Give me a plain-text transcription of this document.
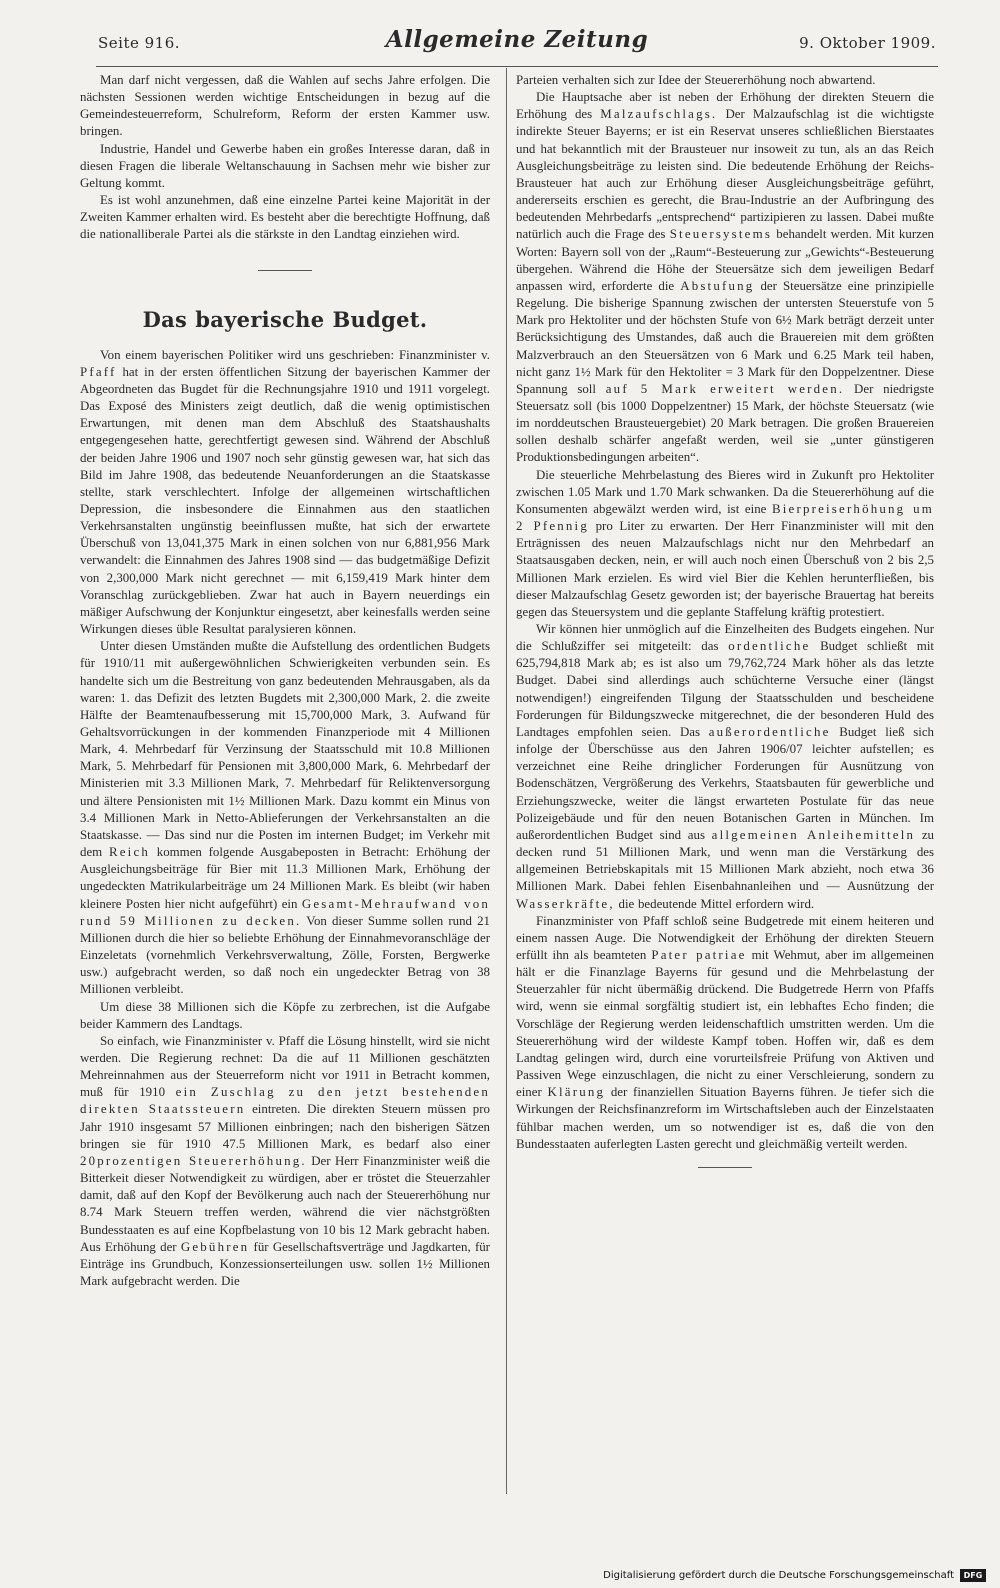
Seite 916.	Allgemeine Zeitung	9. Oktober 1909.

Man darf nicht vergessen, daß die Wahlen auf sechs Jahre erfolgen. Die nächsten Sessionen werden wichtige Entscheidungen in bezug auf die Gemeindesteuerreform, Schulreform, Reform der ersten Kammer usw. bringen.

Industrie, Handel und Gewerbe haben ein großes Interesse daran, daß in diesen Fragen die liberale Weltanschauung in Sachsen mehr wie bisher zur Geltung kommt.

Es ist wohl anzunehmen, daß eine einzelne Partei keine Majorität in der Zweiten Kammer erhalten wird. Es besteht aber die berechtigte Hoffnung, daß die nationalliberale Partei als die stärkste in den Landtag einziehen wird.

Das bayerische Budget.

Von einem bayerischen Politiker wird uns geschrieben: Finanzminister v. Pfaff hat in der ersten öffentlichen Sitzung der bayerischen Kammer der Abgeordneten das Bugdet für die Rechnungsjahre 1910 und 1911 vorgelegt. Das Exposé des Ministers zeigt deutlich, daß die wenig optimistischen Erwartungen, mit denen man dem Abschluß des Staatshaushalts entgegengesehen hatte, gerechtfertigt gewesen sind. Während der Abschluß der beiden Jahre 1906 und 1907 noch sehr günstig gewesen war, hat sich das Bild im Jahre 1908, das bedeutende Neuanforderungen an die Staatskasse stellte, stark verschlechtert. Infolge der allgemeinen wirtschaftlichen Depression, die insbesondere die Einnahmen aus den staatlichen Verkehrsanstalten ungünstig beeinflussen mußte, hat sich der erwartete Überschuß von 13,041,375 Mark in einen solchen von nur 6,881,956 Mark verwandelt: die Einnahmen des Jahres 1908 sind — das budgetmäßige Defizit von 2,300,000 Mark nicht gerechnet — mit 6,159,419 Mark hinter dem Voranschlag zurückgeblieben. Zwar hat auch in Bayern neuerdings ein mäßiger Aufschwung der Konjunktur eingesetzt, aber keinesfalls werden seine Wirkungen dieses üble Resultat paralysieren können.

Unter diesen Umständen mußte die Aufstellung des ordentlichen Budgets für 1910/11 mit außergewöhnlichen Schwierigkeiten verbunden sein. Es handelte sich um die Bestreitung von ganz bedeutenden Mehrausgaben, als da waren: 1. das Defizit des letzten Bugdets mit 2,300,000 Mark, 2. die zweite Hälfte der Beamtenaufbesserung mit 15,700,000 Mark, 3. Aufwand für Gehaltsvorrückungen in der kommenden Finanzperiode mit 4 Millionen Mark, 4. Mehrbedarf für Verzinsung der Staatsschuld mit 10.8 Millionen Mark, 5. Mehrbedarf für Pensionen mit 3,800,000 Mark, 6. Mehrbedarf der Ministerien mit 3.3 Millionen Mark, 7. Mehrbedarf für Reliktenversorgung und ältere Pensionisten mit 1½ Millionen Mark. Dazu kommt ein Minus von 3.4 Millionen Mark in Netto-Ablieferungen der Verkehrsanstalten an die Staatskasse. — Das sind nur die Posten im internen Budget; im Verkehr mit dem Reich kommen folgende Ausgabeposten in Betracht: Erhöhung der Ausgleichungsbeiträge für Bier mit 11.3 Millionen Mark, Erhöhung der ungedeckten Matrikularbeiträge um 24 Millionen Mark. Es bleibt (wir haben kleinere Posten hier nicht aufgeführt) ein Gesamt-Mehraufwand von rund 59 Millionen zu decken. Von dieser Summe sollen rund 21 Millionen durch die hier so beliebte Erhöhung der Einnahmevoranschläge der Einzeletats (vornehmlich Verkehrsverwaltung, Zölle, Forsten, Bergwerke usw.) aufgebracht werden, so daß noch ein ungedeckter Betrag von 38 Millionen verbleibt.

Um diese 38 Millionen sich die Köpfe zu zerbrechen, ist die Aufgabe beider Kammern des Landtags.

So einfach, wie Finanzminister v. Pfaff die Lösung hinstellt, wird sie nicht werden. Die Regierung rechnet: Da die auf 11 Millionen geschätzten Mehreinnahmen aus der Steuerreform nicht vor 1911 in Betracht kommen, muß für 1910 ein Zuschlag zu den jetzt bestehenden direkten Staatssteuern eintreten. Die direkten Steuern müssen pro Jahr 1910 insgesamt 57 Millionen einbringen; nach den bisherigen Sätzen bringen sie für 1910 47.5 Millionen Mark, es bedarf also einer 20prozentigen Steuererhöhung. Der Herr Finanzminister weiß die Bitterkeit dieser Notwendigkeit zu würdigen, aber er tröstet die Steuerzahler damit, daß auf den Kopf der Bevölkerung auch nach der Steuererhöhung nur 8.74 Mark Steuern treffen werden, während die vier nächstgrößten Bundesstaaten es auf eine Kopfbelastung von 10 bis 12 Mark gebracht haben. Aus Erhöhung der Gebühren für Gesellschaftsverträge und Jagdkarten, für Einträge ins Grundbuch, Konzessionserteilungen usw. sollen 1½ Millionen Mark aufgebracht werden. Die

Parteien verhalten sich zur Idee der Steuererhöhung noch abwartend.

Die Hauptsache aber ist neben der Erhöhung der direkten Steuern die Erhöhung des Malzaufschlags. Der Malzaufschlag ist die wichtigste indirekte Steuer Bayerns; er ist ein Reservat unseres schließlichen Bierstaates und hat bekanntlich mit der Brausteuer nur insoweit zu tun, als an das Reich Ausgleichungsbeiträge zu leisten sind. Die bedeutende Erhöhung der Reichs-Brausteuer hat auch zur Erhöhung dieser Ausgleichungsbeiträge geführt, andererseits erschien es gerecht, die Brau-Industrie an der Aufbringung des bedeutenden Mehrbedarfs „entsprechend“ partizipieren zu lassen. Dabei mußte natürlich auch die Frage des Steuersystems behandelt werden. Mit kurzen Worten: Bayern soll von der „Raum“-Besteuerung zur „Gewichts“-Besteuerung übergehen. Während die Höhe der Steuersätze sich dem jeweiligen Bedarf anpassen wird, erforderte die Abstufung der Steuersätze eine prinzipielle Regelung. Die bisherige Spannung zwischen der untersten Steuerstufe von 5 Mark pro Hektoliter und der höchsten Stufe von 6½ Mark beträgt derzeit unter Berücksichtigung des Umstandes, daß auch die Brauereien mit dem größten Malzverbrauch an den Steuersätzen von 6 Mark und 6.25 Mark teil haben, nicht ganz 1½ Mark für den Hektoliter = 3 Mark für den Doppelzentner. Diese Spannung soll auf 5 Mark erweitert werden. Der niedrigste Steuersatz soll (bis 1000 Doppelzentner) 15 Mark, der höchste Steuersatz (wie im norddeutschen Brausteuergebiet) 20 Mark betragen. Die großen Brauereien sollen deshalb schärfer angefaßt werden, weil sie „unter günstigeren Produktionsbedingungen arbeiten“.

Die steuerliche Mehrbelastung des Bieres wird in Zukunft pro Hektoliter zwischen 1.05 Mark und 1.70 Mark schwanken. Da die Steuererhöhung auf die Konsumenten abgewälzt werden wird, ist eine Bierpreiserhöhung um 2 Pfennig pro Liter zu erwarten. Der Herr Finanzminister will mit den Erträgnissen des neuen Malzaufschlags nicht nur den Mehrbedarf an Staatsausgaben decken, nein, er will auch noch einen Überschuß von 2 bis 2,5 Millionen Mark erzielen. Es wird viel Bier die Kehlen herunterfließen, bis dieser Malzaufschlag Gesetz geworden ist; der bayerische Brauertag hat bereits gegen das Steuersystem und die geplante Staffelung kräftig protestiert.

Wir können hier unmöglich auf die Einzelheiten des Budgets eingehen. Nur die Schlußziffer sei mitgeteilt: das ordentliche Budget schließt mit 625,794,818 Mark ab; es ist also um 79,762,724 Mark höher als das letzte Budget. Dabei sind allerdings auch schüchterne Versuche einer (längst notwendigen!) eingreifenden Tilgung der Staatsschulden und bescheidene Forderungen für Bildungszwecke mitgerechnet, die der besonderen Huld des Landtages empfohlen seien. Das außerordentliche Budget ließ sich infolge der Überschüsse aus den Jahren 1906/07 leichter aufstellen; es verzeichnet eine Reihe dringlicher Forderungen für Ausnützung von Bodenschätzen, Vergrößerung des Verkehrs, Staatsbauten für gewerbliche und Erziehungszwecke, weiter die längst erwarteten Postulate für das neue Polizeigebäude und für den neuen Botanischen Garten in München. Im außerordentlichen Budget sind aus allgemeinen Anleihemitteln zu decken rund 51 Millionen Mark, und wenn man die Verstärkung des allgemeinen Betriebskapitals mit 15 Millionen Mark abzieht, noch etwa 36 Millionen Mark. Dabei fehlen Eisenbahnanleihen und — Ausnützung der Wasserkräfte, die bedeutende Mittel erfordern wird.

Finanzminister von Pfaff schloß seine Budgetrede mit einem heiteren und einem nassen Auge. Die Notwendigkeit der Erhöhung der direkten Steuern erfüllt ihn als beamteten Pater patriae mit Wehmut, aber im allgemeinen hält er die Finanzlage Bayerns für gesund und die Mehrbelastung der Steuerzahler für nicht übermäßig drückend. Die Budgetrede Herrn von Pfaffs wird, wenn sie einmal sorgfältig studiert ist, ein lebhaftes Echo finden; die Vorschläge der Regierung werden leidenschaftlich umstritten werden. Um die Steuererhöhung wird der wildeste Kampf toben. Hoffen wir, daß es dem Landtag gelingen wird, durch eine vorurteilsfreie Prüfung von Aktiven und Passiven Wege einzuschlagen, die nicht zu einer Verschleierung, sondern zu einer Klärung der finanziellen Situation Bayerns führen. Je tiefer sich die Wirkungen der Reichsfinanzreform im Wirtschaftsleben auch der Einzelstaaten fühlbar machen werden, um so notwendiger ist es, daß die von den Bundesstaaten auferlegten Lasten gerecht und gleichmäßig verteilt werden.

Digitalisierung gefördert durch die Deutsche Forschungsgemeinschaft	DFG
